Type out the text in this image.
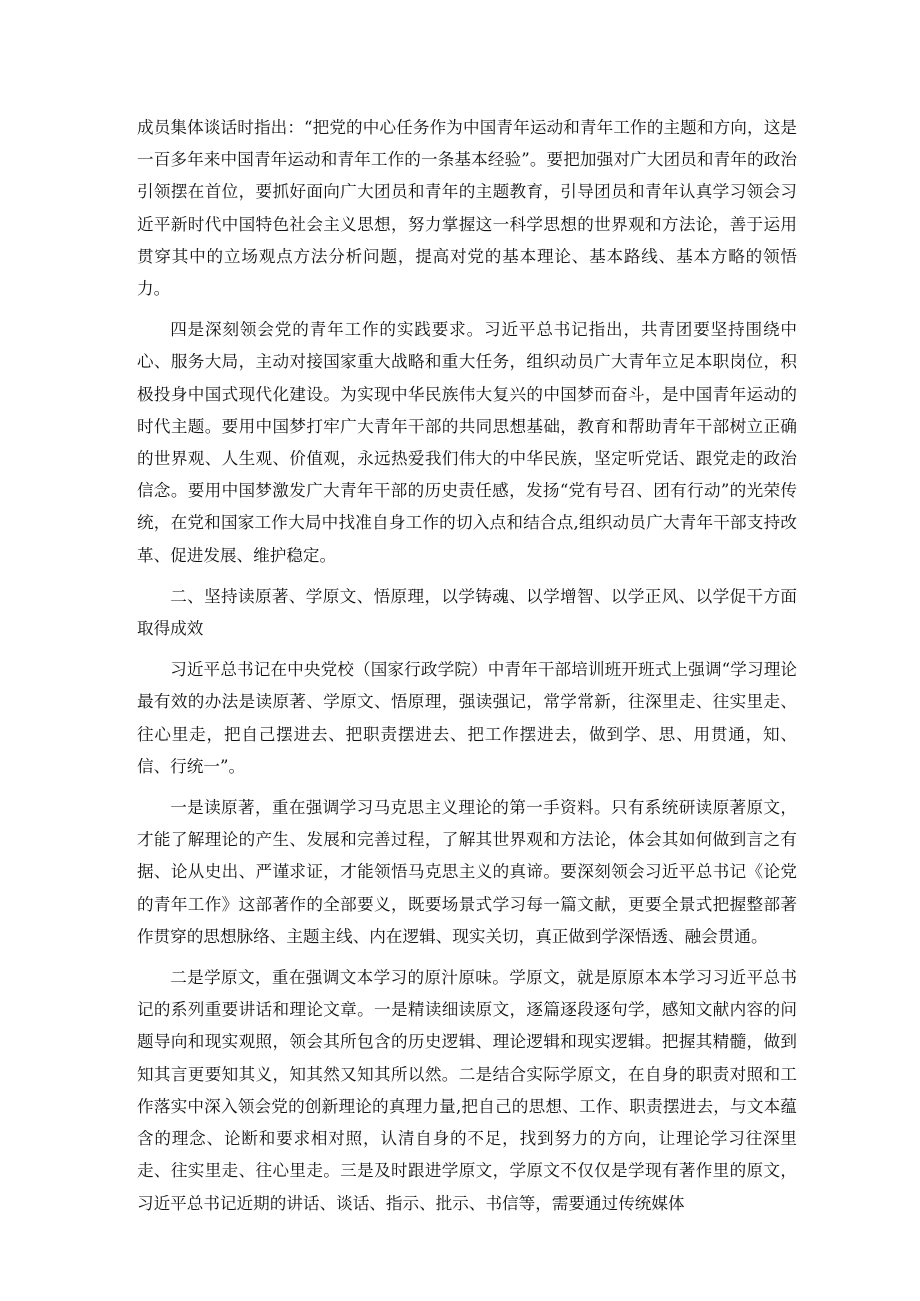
成员集体谈话时指出：“把党的中心任务作为中国青年运动和青年工作的主题和方向，这是一百多年来中国青年运动和青年工作的一条基本经验”。要把加强对广大团员和青年的政治引领摆在首位，要抓好面向广大团员和青年的主题教育，引导团员和青年认真学习领会习近平新时代中国特色社会主义思想，努力掌握这一科学思想的世界观和方法论，善于运用贯穿其中的立场观点方法分析问题，提高对党的基本理论、基本路线、基本方略的领悟力。

四是深刻领会党的青年工作的实践要求。习近平总书记指出，共青团要坚持围绕中心、服务大局，主动对接国家重大战略和重大任务，组织动员广大青年立足本职岗位，积极投身中国式现代化建设。为实现中华民族伟大复兴的中国梦而奋斗，是中国青年运动的时代主题。要用中国梦打牢广大青年干部的共同思想基础，教育和帮助青年干部树立正确的世界观、人生观、价值观，永远热爱我们伟大的中华民族，坚定听党话、跟党走的政治信念。要用中国梦激发广大青年干部的历史责任感，发扬“党有号召、团有行动”的光荣传统，在党和国家工作大局中找准自身工作的切入点和结合点,组织动员广大青年干部支持改革、促进发展、维护稳定。

二、坚持读原著、学原文、悟原理，以学铸魂、以学增智、以学正风、以学促干方面取得成效

习近平总书记在中央党校（国家行政学院）中青年干部培训班开班式上强调“学习理论最有效的办法是读原著、学原文、悟原理，强读强记，常学常新，往深里走、往实里走、往心里走，把自己摆进去、把职责摆进去、把工作摆进去，做到学、思、用贯通，知、信、行统一”。

一是读原著，重在强调学习马克思主义理论的第一手资料。只有系统研读原著原文，才能了解理论的产生、发展和完善过程，了解其世界观和方法论，体会其如何做到言之有据、论从史出、严谨求证，才能领悟马克思主义的真谛。要深刻领会习近平总书记《论党的青年工作》这部著作的全部要义，既要场景式学习每一篇文献，更要全景式把握整部著作贯穿的思想脉络、主题主线、内在逻辑、现实关切，真正做到学深悟透、融会贯通。

二是学原文，重在强调文本学习的原汁原味。学原文，就是原原本本学习习近平总书记的系列重要讲话和理论文章。一是精读细读原文，逐篇逐段逐句学，感知文献内容的问题导向和现实观照，领会其所包含的历史逻辑、理论逻辑和现实逻辑。把握其精髓，做到知其言更要知其义，知其然又知其所以然。二是结合实际学原文，在自身的职责对照和工作落实中深入领会党的创新理论的真理力量,把自己的思想、工作、职责摆进去，与文本蕴含的理念、论断和要求相对照，认清自身的不足，找到努力的方向，让理论学习往深里走、往实里走、往心里走。三是及时跟进学原文，学原文不仅仅是学现有著作里的原文，习近平总书记近期的讲话、谈话、指示、批示、书信等，需要通过传统媒体
